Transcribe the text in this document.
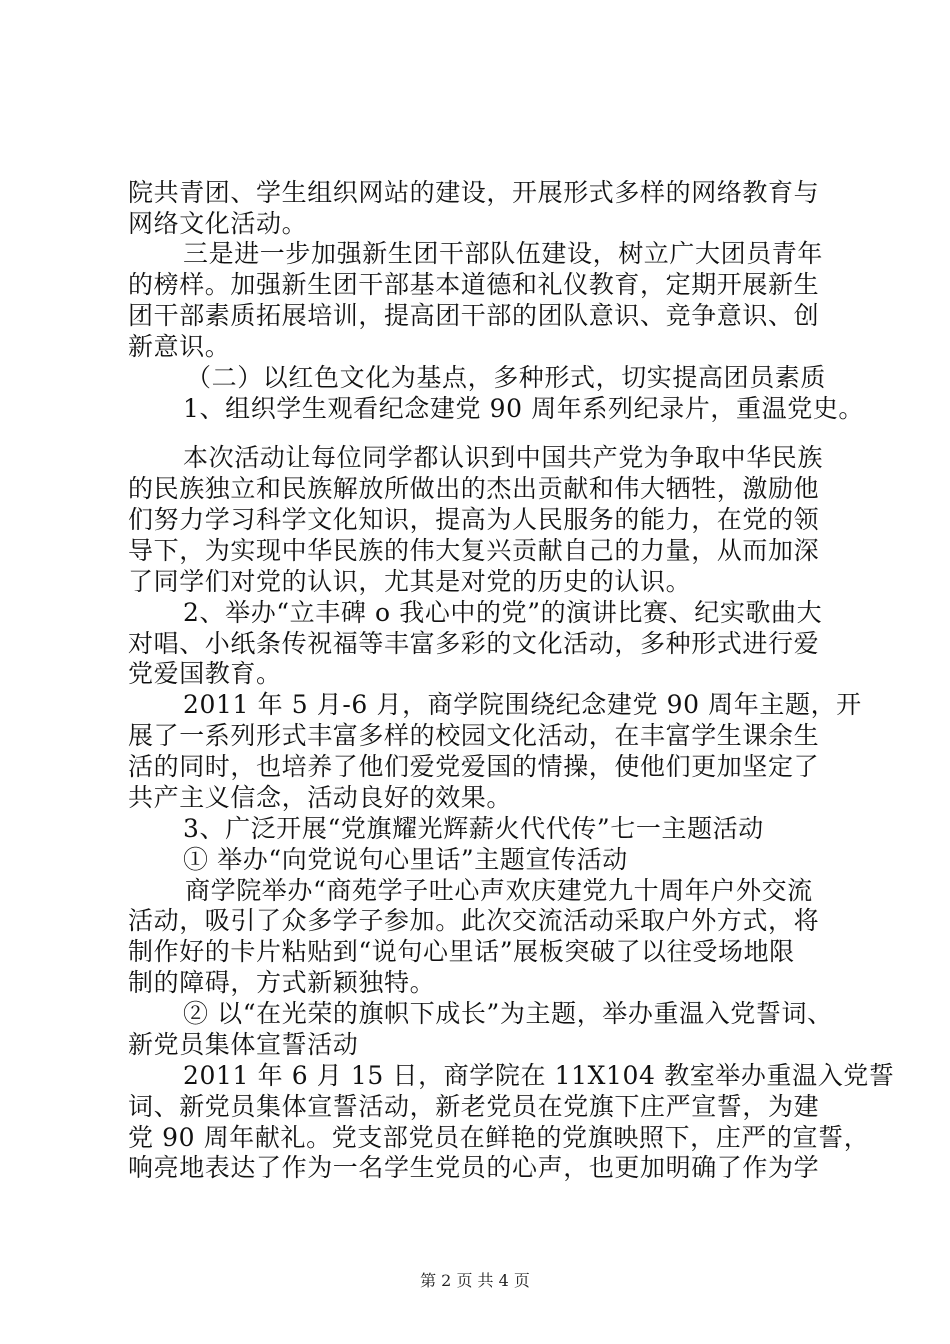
院共青团、学生组织网站的建设，开展形式多样的网络教育与
网络文化活动。
三是进一步加强新生团干部队伍建设，树立广大团员青年
的榜样。加强新生团干部基本道德和礼仪教育，定期开展新生
团干部素质拓展培训，提高团干部的团队意识、竞争意识、创
新意识。
（二）以红色文化为基点，多种形式，切实提高团员素质
1、组织学生观看纪念建党 90 周年系列纪录片，重温党史。
本次活动让每位同学都认识到中国共产党为争取中华民族
的民族独立和民族解放所做出的杰出贡献和伟大牺牲，激励他
们努力学习科学文化知识，提高为人民服务的能力，在党的领
导下，为实现中华民族的伟大复兴贡献自己的力量，从而加深
了同学们对党的认识，尤其是对党的历史的认识。
2、举办“立丰碑 o 我心中的党”的演讲比赛、纪实歌曲大
对唱、小纸条传祝福等丰富多彩的文化活动，多种形式进行爱
党爱国教育。
2011 年 5 月-6 月，商学院围绕纪念建党 90 周年主题，开
展了一系列形式丰富多样的校园文化活动，在丰富学生课余生
活的同时，也培养了他们爱党爱国的情操，使他们更加坚定了
共产主义信念，活动良好的效果。
3、广泛开展“党旗耀光辉薪火代代传”七一主题活动
① 举办“向党说句心里话”主题宣传活动
商学院举办“商苑学子吐心声欢庆建党九十周年户外交流
活动，吸引了众多学子参加。此次交流活动采取户外方式，将
制作好的卡片粘贴到“说句心里话”展板突破了以往受场地限
制的障碍，方式新颖独特。
② 以“在光荣的旗帜下成长”为主题，举办重温入党誓词、
新党员集体宣誓活动
2011 年 6 月 15 日，商学院在 11X104 教室举办重温入党誓
词、新党员集体宣誓活动，新老党员在党旗下庄严宣誓，为建
党 90 周年献礼。党支部党员在鲜艳的党旗映照下，庄严的宣誓，
响亮地表达了作为一名学生党员的心声，也更加明确了作为学
第 2 页 共 4 页
